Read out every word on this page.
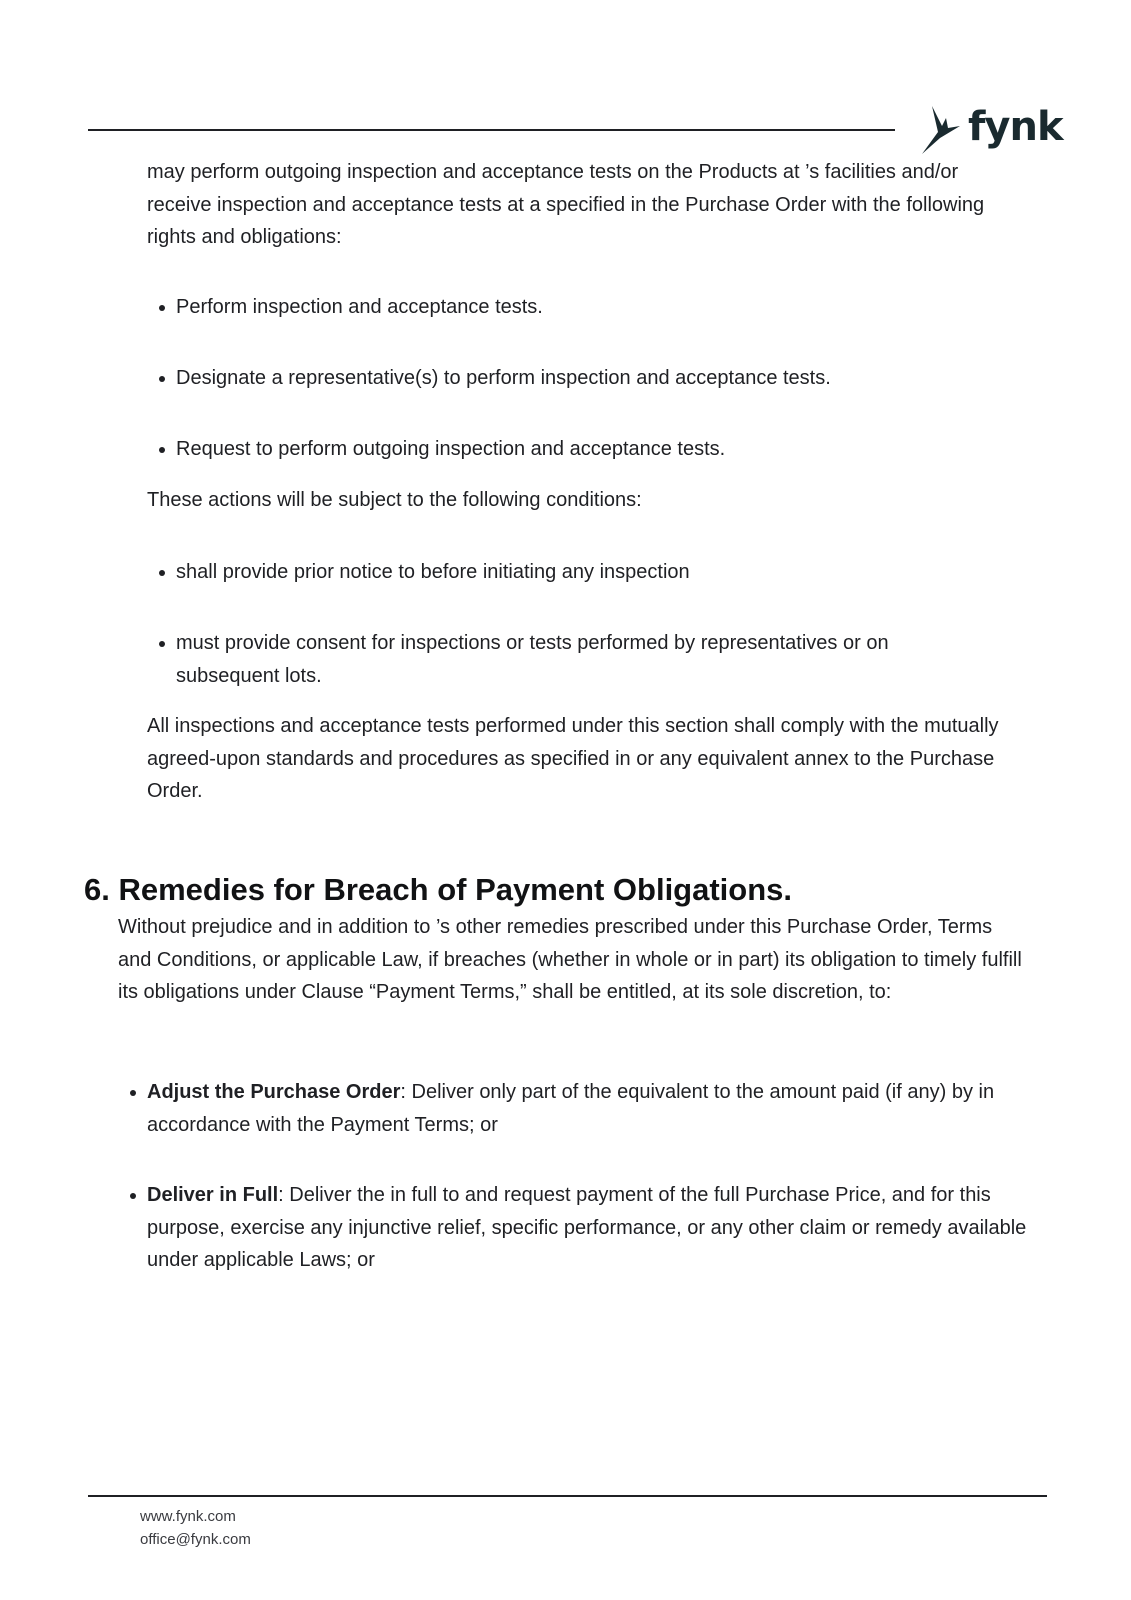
fynk

may perform outgoing inspection and acceptance tests on the Products at ’s facilities and/or receive inspection and acceptance tests at a specified in the Purchase Order with the following rights and obligations:

Perform inspection and acceptance tests.
Designate a representative(s) to perform inspection and acceptance tests.
Request to perform outgoing inspection and acceptance tests.

These actions will be subject to the following conditions:

shall provide prior notice to before initiating any inspection
must provide consent for inspections or tests performed by representatives or on subsequent lots.

All inspections and acceptance tests performed under this section shall comply with the mutually agreed-upon standards and procedures as specified in or any equivalent annex to the Purchase Order.

6. Remedies for Breach of Payment Obligations.

Without prejudice and in addition to ’s other remedies prescribed under this Purchase Order, Terms and Conditions, or applicable Law, if breaches (whether in whole or in part) its obligation to timely fulfill its obligations under Clause “Payment Terms,” shall be entitled, at its sole discretion, to:

Adjust the Purchase Order: Deliver only part of the equivalent to the amount paid (if any) by in accordance with the Payment Terms; or
Deliver in Full: Deliver the in full to and request payment of the full Purchase Price, and for this purpose, exercise any injunctive relief, specific performance, or any other claim or remedy available under applicable Laws; or
www.fynk.com
office@fynk.com
